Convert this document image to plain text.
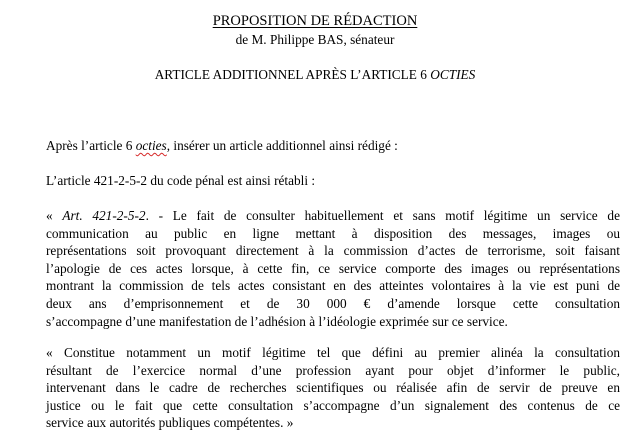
PROPOSITION DE RÉDACTION
de M. Philippe BAS, sénateur
ARTICLE ADDITIONNEL APRÈS L’ARTICLE 6 OCTIES

Après l’article 6 octies, insérer un article additionnel ainsi rédigé :

L’article 421-2-5-2 du code pénal est ainsi rétabli :

« Art. 421-2-5-2. - Le fait de consulter habituellement et sans motif légitime un service de
communication au public en ligne mettant à disposition des messages, images ou
représentations soit provoquant directement à la commission d’actes de terrorisme, soit faisant
l’apologie de ces actes lorsque, à cette fin, ce service comporte des images ou représentations
montrant la commission de tels actes consistant en des atteintes volontaires à la vie est puni de
deux ans d’emprisonnement et de 30 000 € d’amende lorsque cette consultation
s’accompagne d’une manifestation de l’adhésion à l’idéologie exprimée sur ce service.
« Constitue notamment un motif légitime tel que défini au premier alinéa la consultation
résultant de l’exercice normal d’une profession ayant pour objet d’informer le public,
intervenant dans le cadre de recherches scientifiques ou réalisée afin de servir de preuve en
justice ou le fait que cette consultation s’accompagne d’un signalement des contenus de ce
service aux autorités publiques compétentes. »
